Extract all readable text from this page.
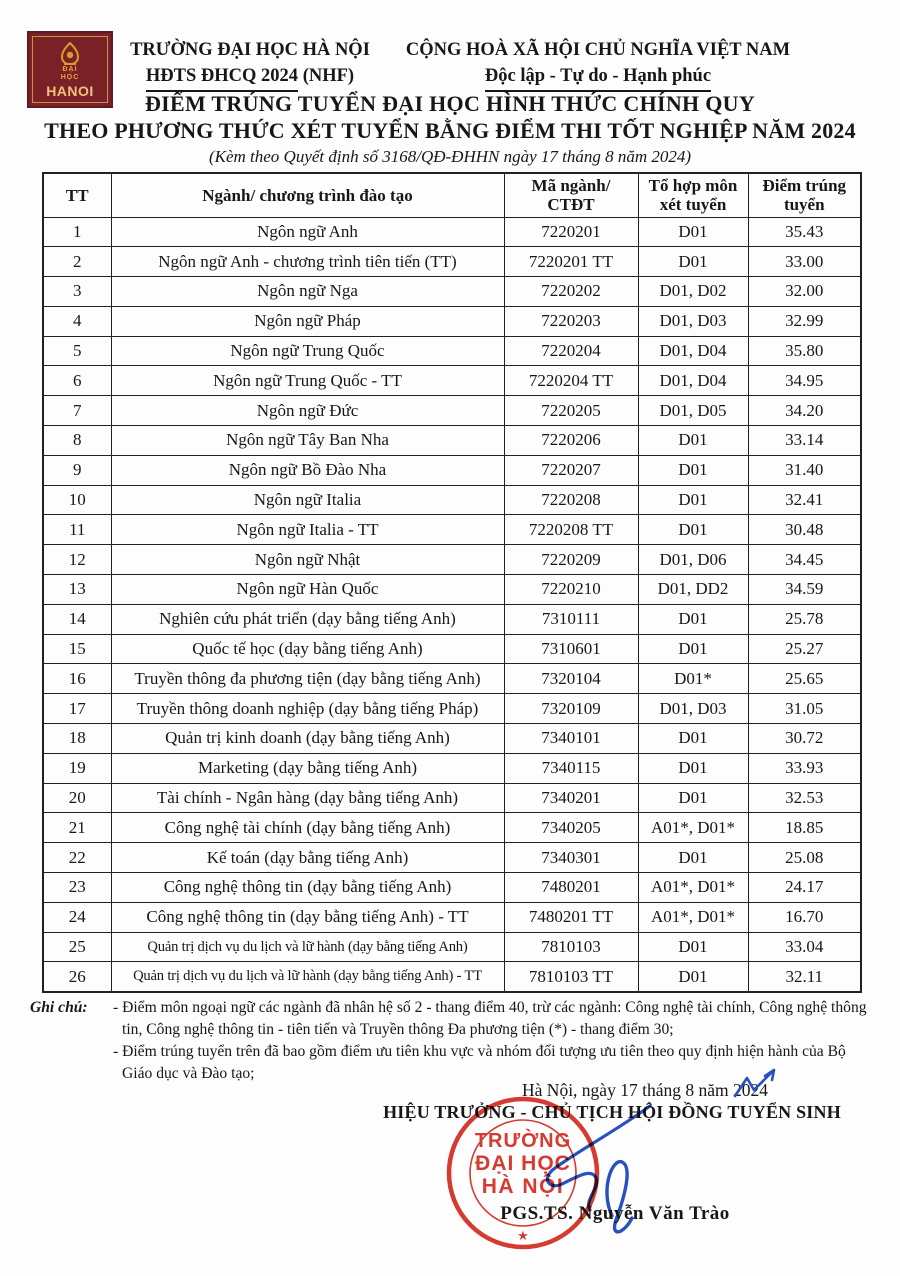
ĐẠI
HỌC
HANOI
TRƯỜNG ĐẠI HỌC HÀ NỘI
HĐTS ĐHCQ 2024 (NHF)
CỘNG HOÀ XÃ HỘI CHỦ NGHĨA VIỆT NAM
Độc lập - Tự do - Hạnh phúc
ĐIỂM TRÚNG TUYỂN ĐẠI HỌC HÌNH THỨC CHÍNH QUY
THEO PHƯƠNG THỨC XÉT TUYỂN BẰNG ĐIỂM THI TỐT NGHIỆP NĂM 2024
(Kèm theo Quyết định số 3168/QĐ-ĐHHN ngày 17 tháng 8 năm 2024)
TT	Ngành/ chương trình đào tạo	Mã ngành/ CTĐT	Tổ hợp môn xét tuyển	Điểm trúng tuyển
1	Ngôn ngữ Anh	7220201	D01	35.43
2	Ngôn ngữ Anh - chương trình tiên tiến (TT)	7220201 TT	D01	33.00
3	Ngôn ngữ Nga	7220202	D01, D02	32.00
4	Ngôn ngữ Pháp	7220203	D01, D03	32.99
5	Ngôn ngữ Trung Quốc	7220204	D01, D04	35.80
6	Ngôn ngữ Trung Quốc - TT	7220204 TT	D01, D04	34.95
7	Ngôn ngữ Đức	7220205	D01, D05	34.20
8	Ngôn ngữ Tây Ban Nha	7220206	D01	33.14
9	Ngôn ngữ Bồ Đào Nha	7220207	D01	31.40
10	Ngôn ngữ Italia	7220208	D01	32.41
11	Ngôn ngữ Italia - TT	7220208 TT	D01	30.48
12	Ngôn ngữ Nhật	7220209	D01, D06	34.45
13	Ngôn ngữ Hàn Quốc	7220210	D01, DD2	34.59
14	Nghiên cứu phát triển (dạy bằng tiếng Anh)	7310111	D01	25.78
15	Quốc tế học (dạy bằng tiếng Anh)	7310601	D01	25.27
16	Truyền thông đa phương tiện (dạy bằng tiếng Anh)	7320104	D01*	25.65
17	Truyền thông doanh nghiệp (dạy bằng tiếng Pháp)	7320109	D01, D03	31.05
18	Quản trị kinh doanh (dạy bằng tiếng Anh)	7340101	D01	30.72
19	Marketing (dạy bằng tiếng Anh)	7340115	D01	33.93
20	Tài chính - Ngân hàng (dạy bằng tiếng Anh)	7340201	D01	32.53
21	Công nghệ tài chính (dạy bằng tiếng Anh)	7340205	A01*, D01*	18.85
22	Kế toán (dạy bằng tiếng Anh)	7340301	D01	25.08
23	Công nghệ thông tin (dạy bằng tiếng Anh)	7480201	A01*, D01*	24.17
24	Công nghệ thông tin (dạy bằng tiếng Anh) - TT	7480201 TT	A01*, D01*	16.70
25	Quản trị dịch vụ du lịch và lữ hành (dạy bằng tiếng Anh)	7810103	D01	33.04
26	Quản trị dịch vụ du lịch và lữ hành (dạy bằng tiếng Anh) - TT	7810103 TT	D01	32.11
Ghi chú: - Điểm môn ngoại ngữ các ngành đã nhân hệ số 2 - thang điểm 40, trừ các ngành: Công nghệ tài chính, Công nghệ thông tin, Công nghệ thông tin - tiên tiến và Truyền thông Đa phương tiện (*) - thang điểm 30;
- Điểm trúng tuyển trên đã bao gồm điểm ưu tiên khu vực và nhóm đối tượng ưu tiên theo quy định hiện hành của Bộ Giáo dục và Đào tạo;
Hà Nội, ngày 17 tháng 8 năm 2024
HIỆU TRƯỞNG - CHỦ TỊCH HỘI ĐỒNG TUYỂN SINH
★
TRƯỜNG
ĐẠI HỌC
HÀ NỘI
PGS.TS. Nguyễn Văn Trào
